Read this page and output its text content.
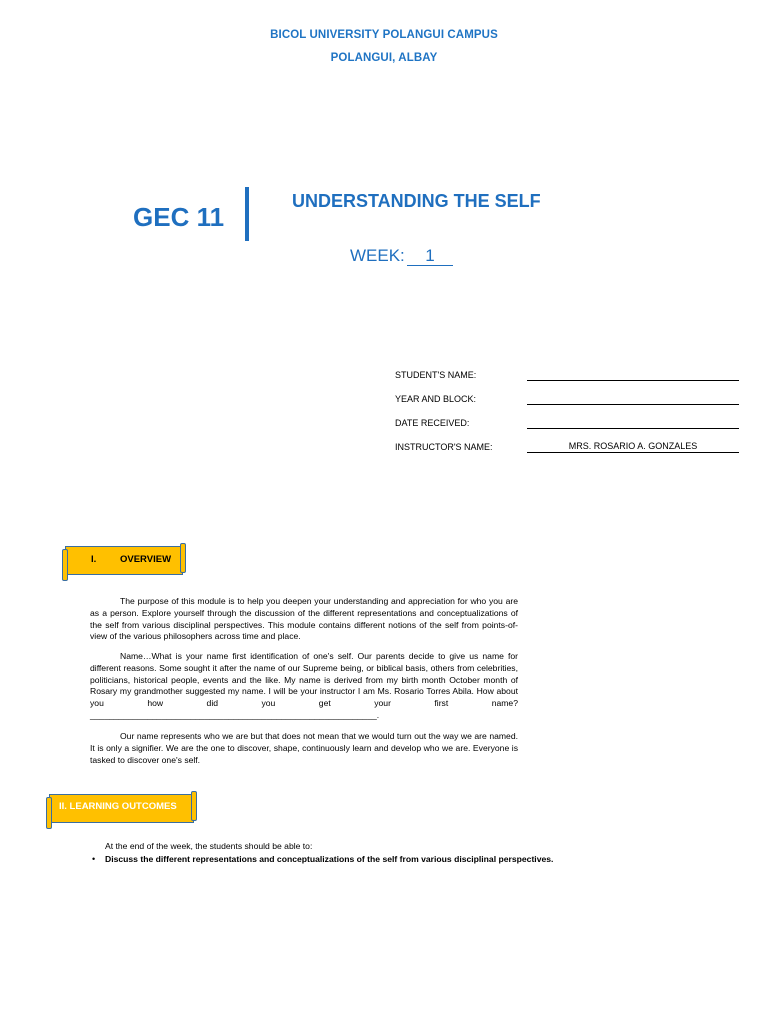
BICOL UNIVERSITY POLANGUI CAMPUS
POLANGUI, ALBAY
GEC 11
UNDERSTANDING THE SELF
WEEK:	1
STUDENT'S NAME:
YEAR AND BLOCK:
DATE RECEIVED:
INSTRUCTOR'S NAME:	MRS. ROSARIO A. GONZALES
I. OVERVIEW

The purpose of this module is to help you deepen your understanding and appreciation for who you are as a person. Explore yourself through the discussion of the different representations and conceptualizations of the self from various disciplinal perspectives. This module contains different notions of the self from points-of-view of the various philosophers across time and place.

Name…What is your name first identification of one's self. Our parents decide to give us name for different reasons. Some sought it after the name of our Supreme being, or biblical basis, others from celebrities, politicians, historical people, events and the like. My name is derived from my birth month October month of Rosary my grandmother suggested my name. I will be your instructor I am Ms. Rosario Torres Abila. How about you how did you get your first name?____________________________________________________________.

Our name represents who we are but that does not mean that we would turn out the way we are named. It is only a signifier. We are the one to discover, shape, continuously learn and develop who we are. Everyone is tasked to discover one's self.

II. LEARNING OUTCOMES
At the end of the week, the students should be able to:
• Discuss the different representations and conceptualizations of the self from various disciplinal perspectives.
